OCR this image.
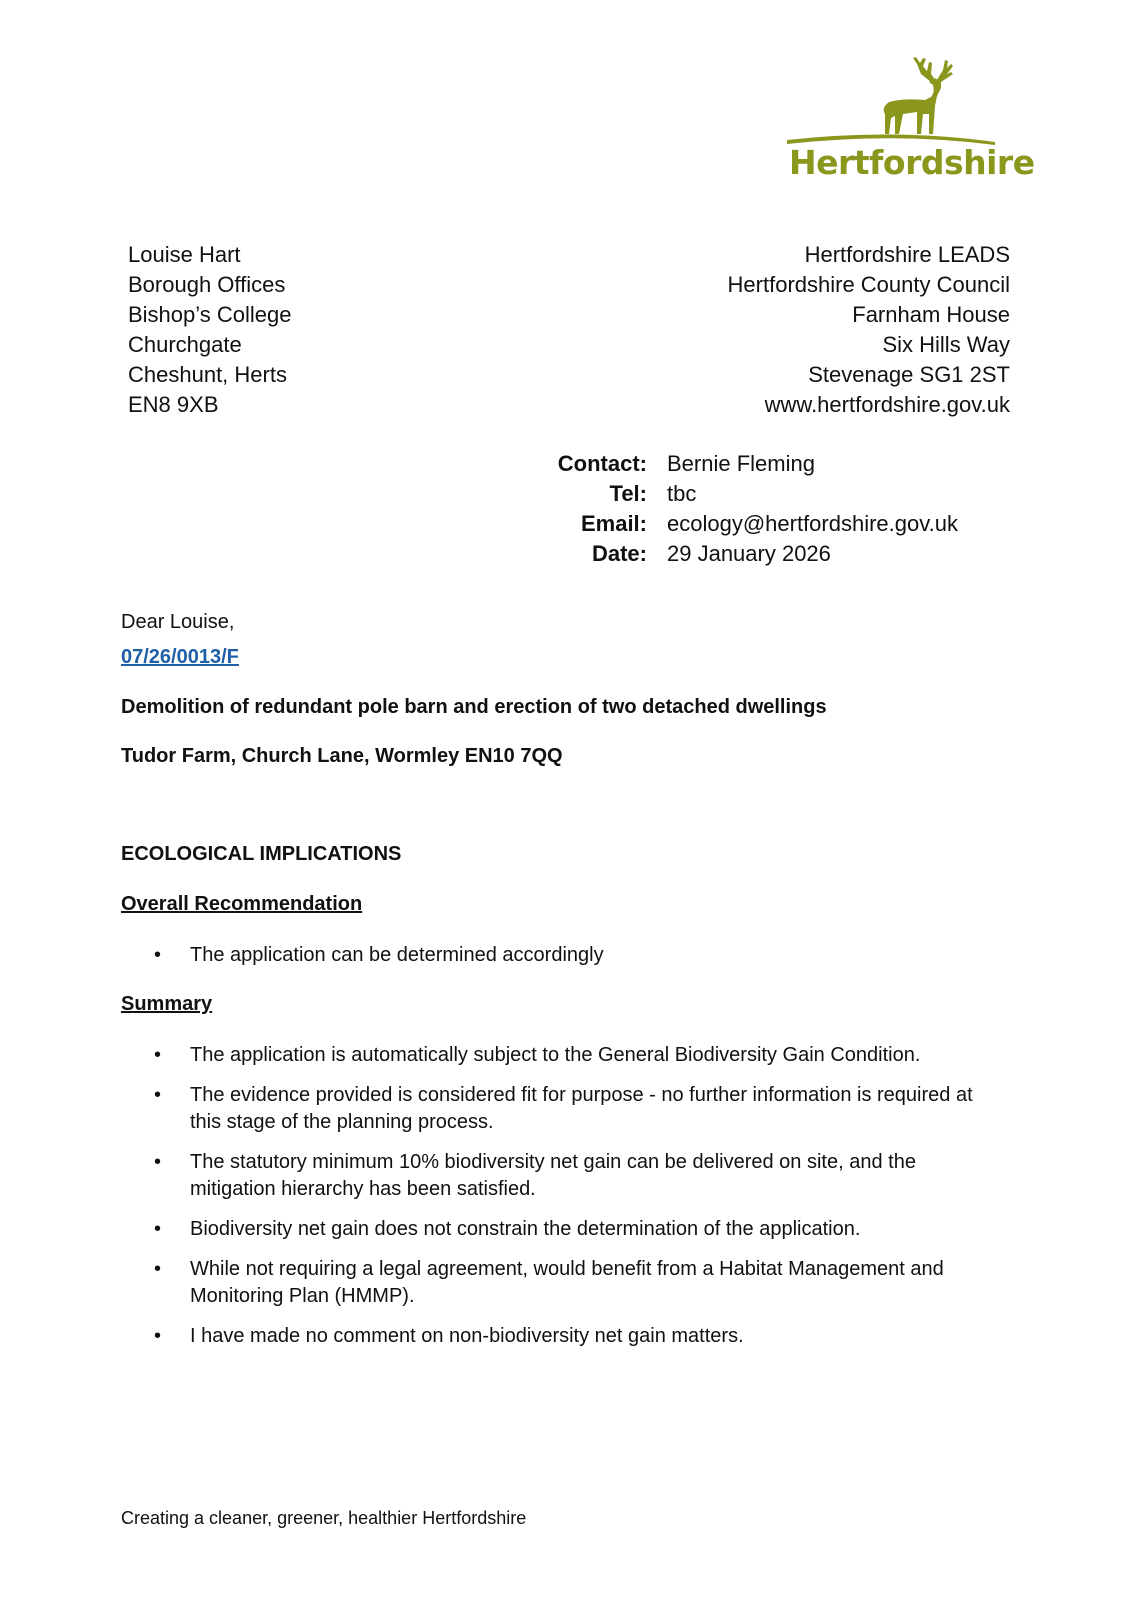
Hertfordshire
Louise Hart
Borough Offices
Bishop’s College
Churchgate
Cheshunt, Herts
EN8 9XB
Hertfordshire LEADS
Hertfordshire County Council
Farnham House
Six Hills Way
Stevenage SG1 2ST
www.hertfordshire.gov.uk
Contact: Bernie Fleming
Tel: tbc
Email: ecology@hertfordshire.gov.uk
Date: 29 January 2026
Dear Louise,
07/26/0013/F
Demolition of redundant pole barn and erection of two detached dwellings
Tudor Farm, Church Lane, Wormley EN10 7QQ
ECOLOGICAL IMPLICATIONS
Overall Recommendation
•	The application can be determined accordingly
Summary
•	The application is automatically subject to the General Biodiversity Gain Condition.
•	The evidence provided is considered fit for purpose - no further information is required at this stage of the planning process.
•	The statutory minimum 10% biodiversity net gain can be delivered on site, and the mitigation hierarchy has been satisfied.
•	Biodiversity net gain does not constrain the determination of the application.
•	While not requiring a legal agreement, would benefit from a Habitat Management and Monitoring Plan (HMMP).
•	I have made no comment on non-biodiversity net gain matters.
Creating a cleaner, greener, healthier Hertfordshire
